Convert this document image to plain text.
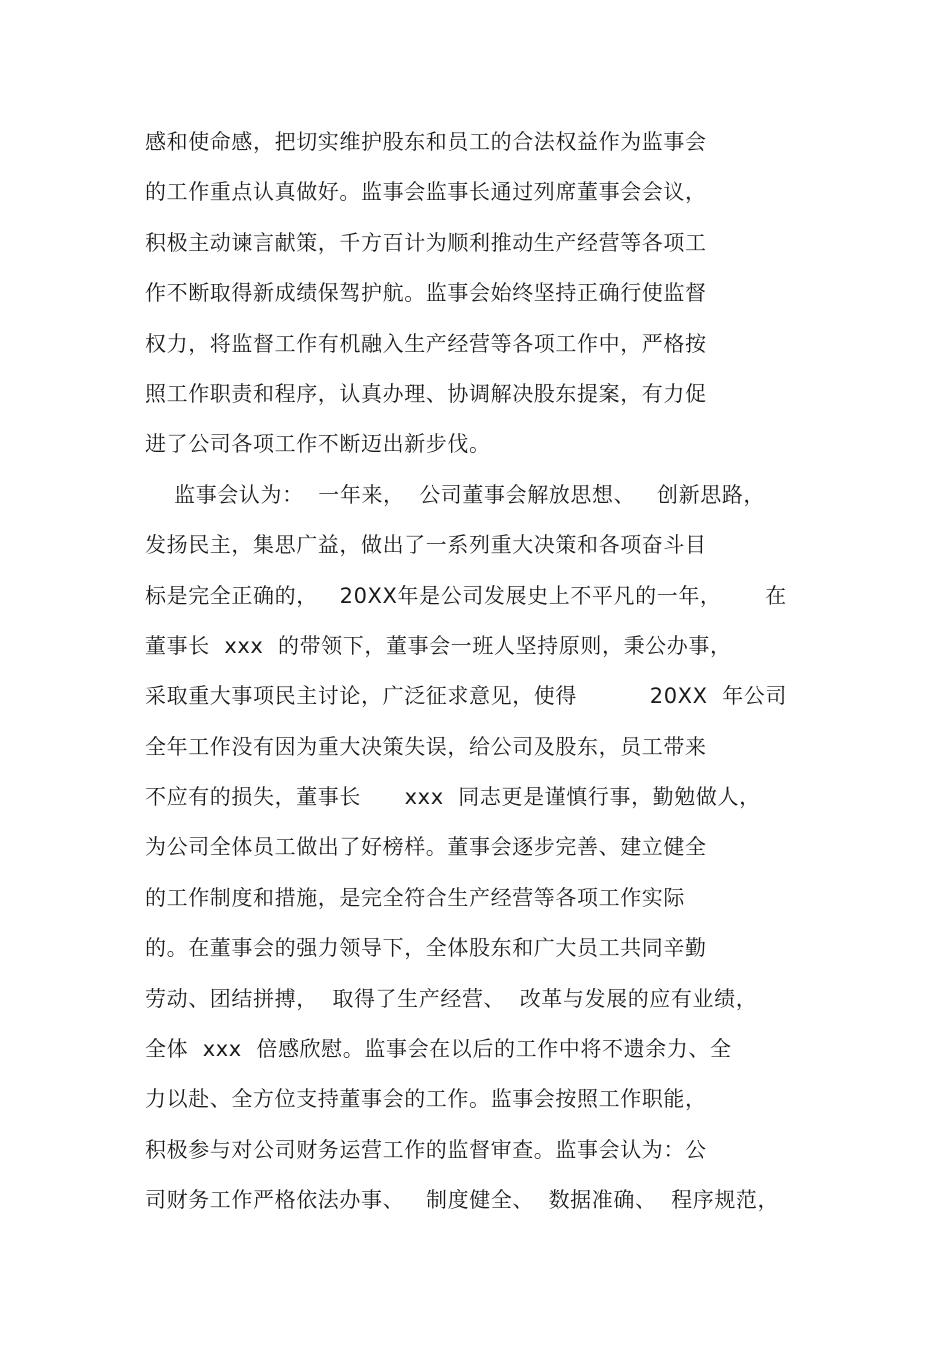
感和使命感，把切实维护股东和员工的合法权益作为监事会
的工作重点认真做好。监事会监事长通过列席董事会会议，
积极主动谏言献策，千方百计为顺利推动生产经营等各项工
作不断取得新成绩保驾护航。监事会始终坚持正确行使监督
权力，将监督工作有机融入生产经营等各项工作中，严格按
照工作职责和程序，认真办理、协调解决股东提案，有力促
进了公司各项工作不断迈出新步伐。
监事会认为：  一年来，  公司董事会解放思想、   创新思路，
发扬民主，集思广益，做出了一系列重大决策和各项奋斗目
标是完全正确的，   20XX年是公司发展史上不平凡的一年，      在
董事长  xxx  的带领下，董事会一班人坚持原则，秉公办事，
采取重大事项民主讨论，广泛征求意见，使得          20XX  年公司
全年工作没有因为重大决策失误，给公司及股东，员工带来
不应有的损失，董事长      xxx  同志更是谨慎行事，勤勉做人，
为公司全体员工做出了好榜样。董事会逐步完善、建立健全
的工作制度和措施，是完全符合生产经营等各项工作实际
的。在董事会的强力领导下，全体股东和广大员工共同辛勤
劳动、团结拼搏，  取得了生产经营、  改革与发展的应有业绩，
全体  xxx  倍感欣慰。监事会在以后的工作中将不遗余力、全
力以赴、全方位支持董事会的工作。监事会按照工作职能，
积极参与对公司财务运营工作的监督审查。监事会认为：公
司财务工作严格依法办事、   制度健全、  数据准确、  程序规范，
